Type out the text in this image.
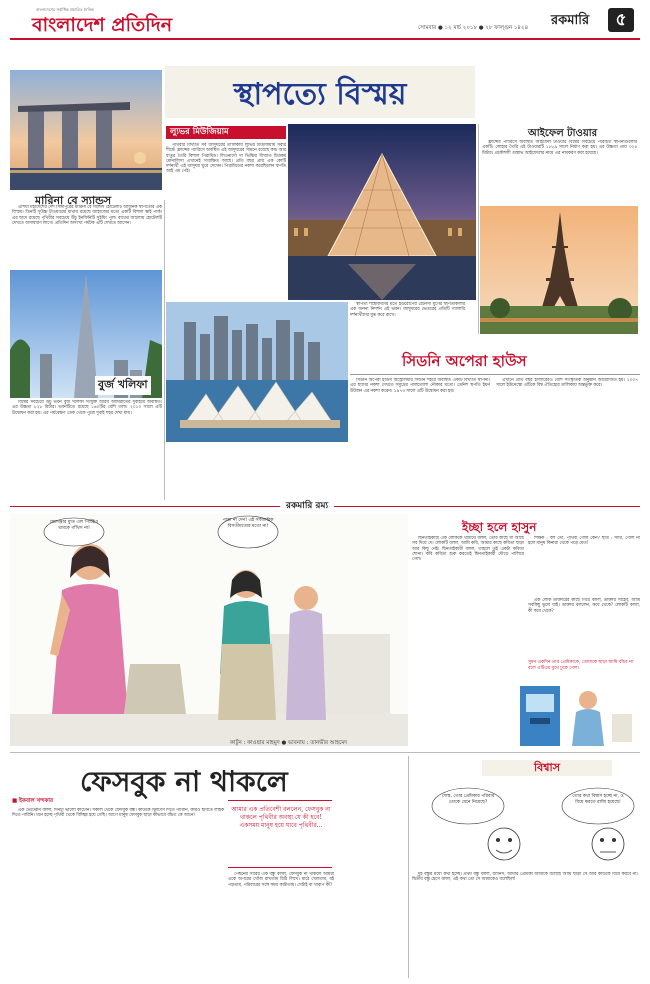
বাংলাদেশের সর্বাধিক প্রচারিত দৈনিক
বাংলাদেশ প্রতিদিন	রকমারি	৫
সোমবার ● ১২ মার্চ ২০১৮ ● ২৮ ফাল্গুন ১৪২৪
স্থাপত্যে বিস্ময়
মারিনা বে স্যান্ডস

এশিয়া মহাদেশের দেশ সিঙ্গাপুরের মারিনা বে স্যান্ডস হোটেলটি আধুনিক স্থাপত্যের এক বিস্ময়। তিনটি সুউচ্চ টাওয়ারের মাথায় রয়েছে জাহাজের মতো একটি বিশাল স্কাই পার্ক। এর ছাদে রয়েছে পৃথিবীর সবচেয়ে উঁচু ইনফিনিটি সুইমিং পুল। রাতের আলোয় হোটেলটি দেখতে অসাধারণ লাগে। প্রতিদিন অসংখ্য পর্যটক এটি দেখতে আসেন।

বুর্জ খলিফা

বিশ্বের সবচেয়ে উঁচু ভবন বুর্জ খলিফা সংযুক্ত আরব আমিরাতের দুবাইয়ে অবস্থিত। এর উচ্চতা ৮২৮ মিটার। ভবনটিতে রয়েছে ১৬০টির বেশি তলা। ২০১০ সালে এটি উদ্বোধন করা হয়। এর পর্যবেক্ষণ ডেক থেকে পুরো দুবাই শহর দেখা যায়।

ল্যুভর মিউজিয়াম

পৃথিবীর বিখ্যাত সব জাদুঘরের তালিকায় ল্যুভর মিউজিয়াম সবার শীর্ষে। ফ্রান্সের প্যারিসে অবস্থিত এই জাদুঘরের সামনে রয়েছে কাচ আর ধাতুর তৈরি বিশাল পিরামিড। লিওনার্দো দা ভিঞ্চির বিখ্যাত চিত্রকর্ম মোনালিসা এখানেই সংরক্ষিত আছে। প্রতি বছর প্রায় এক কোটি দর্শনার্থী এই জাদুঘর ঘুরে দেখেন। পিরামিডের নকশা করেছিলেন স্থপতি আই এম পেই।

আইফেল টাওয়ার

ফ্রান্সের প্যারিসে অবস্থিত আইফেল টাওয়ার বিশ্বের সবচেয়ে পরিচিত স্থাপনাগুলোর একটি। লোহার তৈরি এই টাওয়ারটি ১৮৮৯ সালে নির্মাণ করা হয়। এর উচ্চতা প্রায় ৩২৪ মিটার। প্রকৌশলী গুস্তাভ আইফেলের নামে এর নামকরণ করা হয়েছে।

স্থাপত্য শাস্ত্রবিদদের মতে ইউরোপের রেনেসাঁ যুগের স্থাপত্যকলার এক অনন্য নিদর্শন এই ভবন। জাদুঘরের ভেতরের প্রতিটি গ্যালারি দর্শনার্থীদের মুগ্ধ করে রাখে।

সিডনি অপেরা হাউস

সিডনি অপেরা হাউস অস্ট্রেলিয়ার সিডনি শহরে অবস্থিত একটি বিখ্যাত স্থাপনা। এর ছাদের নকশা দেখতে সমুদ্রের পালতোলা নৌকার মতো। ডেনিশ স্থপতি ইয়র্ন উটজন এর নকশা করেন। ১৯৭৩ সালে এটি উদ্বোধন করা হয়।

এখানে প্রতি বছর হাজারেরও বেশি সাংস্কৃতিক অনুষ্ঠান আয়োজিত হয়। ২০০৭ সালে ইউনেস্কো এটিকে বিশ্ব ঐতিহ্যের তালিকায় অন্তর্ভুক্ত করে।

রকমারি রম্য
মেসেঞ্জার ম্যুড এল পিটিইও থামকে গাঁথিস না!
পাত্তা না দেন! এই সবজারিক বিসতীমত্যের মতো না!
কার্টুন : কাওছার মাহমুদ ● ভাবনায় : তানভীর আহমেদ
ইচ্ছা হলে হাসুন

ছিনতাইকারী এক লোককে থামিয়ে বলল, তোর কাছে যা আছে সব দিয়ে দে। লোকটি বলল, আমি কবি, আমার কাছে কবিতা ছাড়া আর কিছু নেই। ছিনতাইকারী বলল, তাহলে তুই একটা কবিতা শোনা। কবি কবিতা শুরু করতেই ছিনতাইকারী দৌড়ে পালিয়ে গেল।

শিক্ষক : বল তো, পৃথিবী গোল কেন? ছাত্র : স্যার, গোল না হলে মানুষ কিনারা থেকে পড়ে যেত!

এক লোক ডাক্তারের কাছে গিয়ে বলল, ডাক্তার সাহেব, আমি সবকিছু ভুলে যাই। ডাক্তার বললেন, কবে থেকে? লোকটি বলল, কী কবে থেকে?

সুমন একদিন তার প্রেমিকাকে, তোমাকে ছাড়া আমি বাঁচব না বলে এটিএম বুথে ঢুকে গেল।
ফেসবুক না থাকলে
■ ইকবাল খন্দকার

এক ভেটেরান বলল, দিনটা ভালো কাটেনি। সকাল থেকে ফেসবুক বন্ধ। কাউকে স্ট্যাটাস দিতে পারিনি, কারও ছবিতে লাইক দিতে পারিনি। মনে হচ্ছে পৃথিবী থেকে বিচ্ছিন্ন হয়ে গেছি। আগে মানুষ ফেসবুক ছাড়া কীভাবে বাঁচত কে জানে!

আমার এক প্রতিবেশী বললেন, ফেসবুক না থাকলে পৃথিবীর অবস্থা যে কী হবে! একসময় মানুষ হয়ে যাবে পৃথিবীর...

পেছনের সারির এক বন্ধু বলল, ফেসবুক না থাকলে আমরা একে অপরের খোঁজ রাখতাম চিঠি লিখে। মাঠে খেলতাম, বই পড়তাম, পরিবারের সঙ্গে সময় কাটাতাম। সেটাই বা খারাপ কী?

বিশ্বাস
দোস্ত, তোর প্রেমিকার পরিবার তোকে মেনে নিয়েছে?
তোর কথা বিশ্বাস হচ্ছে না, ও বিয়ে করতে রাজি হয়েছে!

দুই বন্ধুর মধ্যে কথা হচ্ছে। প্রথম বন্ধু বলল, জানিস, আমার প্রেমিকা আমাকে বলেছে আমি ছাড়া সে আর কাউকে বিয়ে করবে না। দ্বিতীয় বন্ধু হেসে বলল, এই কথা তো সে আমাকেও বলেছিল!
